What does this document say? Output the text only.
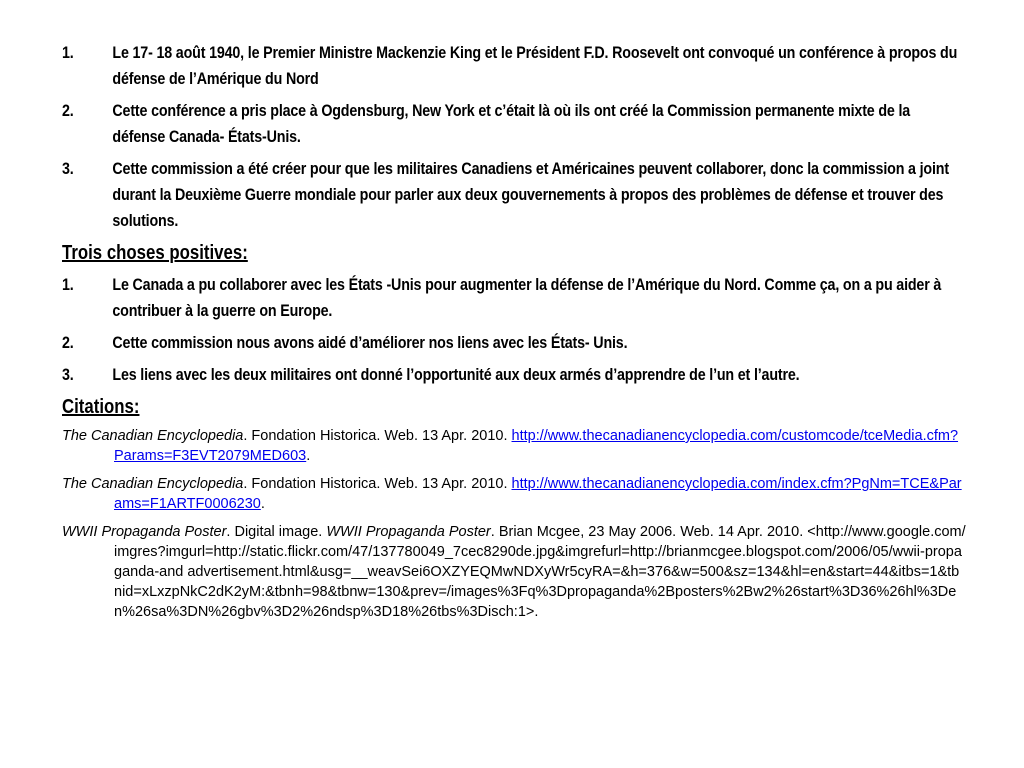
1. Le 17- 18 août 1940, le Premier Ministre Mackenzie King et le Président F.D. Roosevelt ont convoqué un conférence à propos du défense de l’Amérique du Nord
2. Cette conférence a pris place à Ogdensburg, New York et c’était là où ils ont créé la Commission permanente mixte de la défense Canada- États-Unis.
3. Cette commission a été créer pour que les militaires Canadiens et Américaines peuvent collaborer, donc la commission a joint durant la Deuxième Guerre mondiale pour parler aux deux gouvernements à propos des problèmes de défense et trouver des solutions.
Trois choses positives:
1. Le Canada a pu collaborer avec les États -Unis pour augmenter la défense de l’Amérique du Nord. Comme ça, on a pu aider à contribuer à la guerre on Europe.
2. Cette commission nous avons aidé d’améliorer nos liens avec les États- Unis.
3. Les liens avec les deux militaires ont donné l’opportunité aux deux armés d’apprendre de l’un et l’autre.
Citations:
The Canadian Encyclopedia. Fondation Historica. Web. 13 Apr. 2010. http://www.thecanadianencyclopedia.com/customcode/tceMedia.cfm?Params=F3EVT2079MED603.
The Canadian Encyclopedia. Fondation Historica. Web. 13 Apr. 2010. http://www.thecanadianencyclopedia.com/index.cfm?PgNm=TCE&Params=F1ARTF0006230.
WWII Propaganda Poster. Digital image. WWII Propaganda Poster. Brian Mcgee, 23 May 2006. Web. 14 Apr. 2010. <http://www.google.com/imgres?imgurl=http://static.flickr.com/47/137780049_7cec8290de.jpg&imgrefurl=http://brianmcgee.blogspot.com/2006/05/wwii-propaganda-and advertisement.html&usg=__weavSei6OXZYEQMwNDXyWr5cyRA=&h=376&w=500&sz=134&hl=en&start=44&itbs=1&tbnid=xLxzpNkC2dK2yM:&tbnh=98&tbnw=130&prev=/images%3Fq%3Dpropaganda%2Bposters%2Bw2%26start%3D36%26hl%3Den%26sa%3DN%26gbv%3D2%26ndsp%3D18%26tbs%3Disch:1>.
